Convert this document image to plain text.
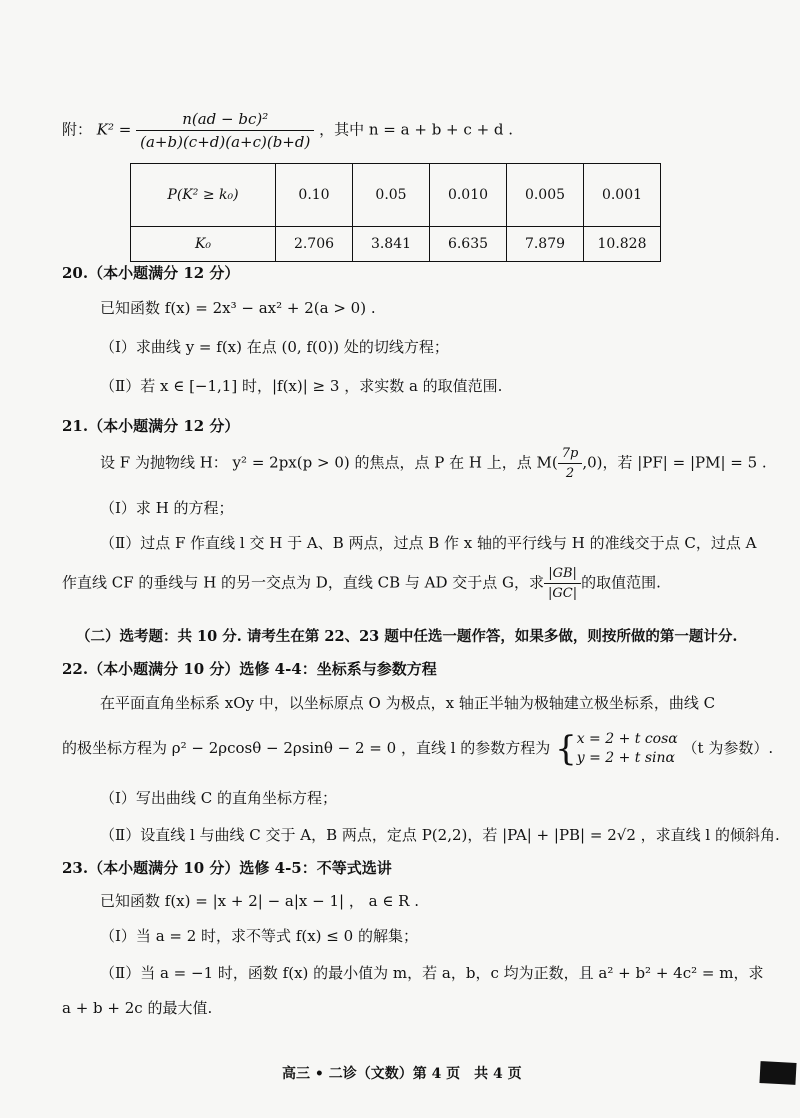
附： $K^2 = \frac{\text{n(ad − bc)²}}{(a+b)(c+d)(a+c)(b+d)}$ ，其中 n = a + b + c + d .
P(K² ≥ k₀)	0.10	0.05	0.010	0.005	0.001
K₀	2.706	3.841	6.635	7.879	10.828
20.（本小题满分 12 分）
已知函数 f(x) = 2x³ − ax² + 2(a > 0) .
（Ⅰ）求曲线 y = f(x) 在点 (0, f(0)) 处的切线方程；
（Ⅱ）若 x ∈ [−1,1] 时，|f(x)| ≥ 3 ，求实数 a 的取值范围.
21.（本小题满分 12 分）
设 F 为抛物线 H： y² = 2px(p > 0) 的焦点，点 P 在 H 上，点 $M( \frac{7p}{2} ,0)$，若 |PF| = |PM| = 5 .
（Ⅰ）求 H 的方程；
（Ⅱ）过点 F 作直线 l 交 H 于 A、B 两点，过点 B 作 x 轴的平行线与 H 的准线交于点 C，过点 A
作直线 CF 的垂线与 H 的另一交点为 D，直线 CB 与 AD 交于点 G，求 $\frac{|GB|}{|GC|}$ 的取值范围.
（二）选考题：共 10 分. 请考生在第 22、23 题中任选一题作答，如果多做，则按所做的第一题计分.
22.（本小题满分 10 分）选修 4-4：坐标系与参数方程
在平面直角坐标系 xOy 中，以坐标原点 O 为极点，x 轴正半轴为极轴建立极坐标系，曲线 C
的极坐标方程为 ρ² − 2ρcosθ − 2ρsinθ − 2 = 0 ，直线 l 的参数方程为 { x = 2 + t cosα
y = 2 + t sinα
（t 为参数）.
（Ⅰ）写出曲线 C 的直角坐标方程；
（Ⅱ）设直线 l 与曲线 C 交于 A，B 两点，定点 P(2,2)，若 |PA| + |PB| = 2√2 ，求直线 l 的倾斜角.
23.（本小题满分 10 分）选修 4-5：不等式选讲
已知函数 f(x) = |x + 2| − a|x − 1| ， a ∈ R .
（Ⅰ）当 a = 2 时，求不等式 f(x) ≤ 0 的解集；
（Ⅱ）当 a = −1 时，函数 f(x) 的最小值为 m，若 a，b，c 均为正数，且 a² + b² + 4c² = m，求
a + b + 2c 的最大值.
高三 • 二诊（文数）第 4 页　共 4 页
